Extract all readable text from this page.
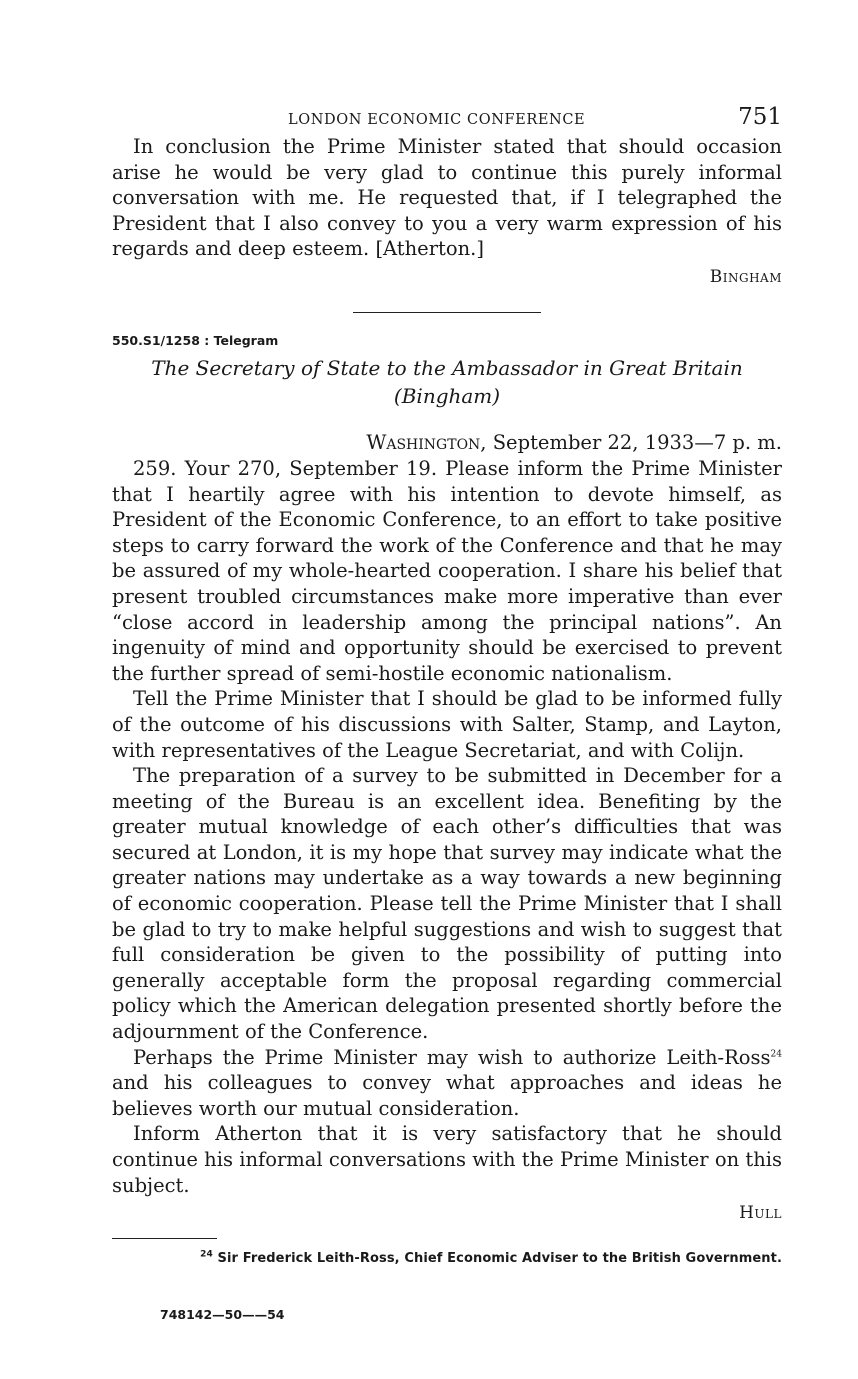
LONDON ECONOMIC CONFERENCE	751

In conclusion the Prime Minister stated that should occasion arise he would be very glad to continue this purely informal conversation with me. He requested that, if I telegraphed the President that I also convey to you a very warm expression of his regards and deep esteem. [Atherton.]

Bingham
550.S1/1258 : Telegram
The Secretary of State to the Ambassador in Great Britain (Bingham)
Washington, September 22, 1933—7 p. m.

259. Your 270, September 19. Please inform the Prime Minister that I heartily agree with his intention to devote himself, as President of the Economic Conference, to an effort to take positive steps to carry forward the work of the Conference and that he may be assured of my whole-hearted cooperation. I share his belief that present troubled circumstances make more imperative than ever “close accord in leadership among the principal nations”. An ingenuity of mind and opportunity should be exercised to prevent the further spread of semi-hostile economic nationalism.

Tell the Prime Minister that I should be glad to be informed fully of the outcome of his discussions with Salter, Stamp, and Layton, with representatives of the League Secretariat, and with Colijn.

The preparation of a survey to be submitted in December for a meeting of the Bureau is an excellent idea. Benefiting by the greater mutual knowledge of each other’s difficulties that was secured at London, it is my hope that survey may indicate what the greater nations may undertake as a way towards a new beginning of economic cooperation. Please tell the Prime Minister that I shall be glad to try to make helpful suggestions and wish to suggest that full consideration be given to the possibility of putting into generally acceptable form the proposal regarding commercial policy which the American delegation presented shortly before the adjournment of the Conference.

Perhaps the Prime Minister may wish to authorize Leith-Ross$^{24}$ and his colleagues to convey what approaches and ideas he believes worth our mutual consideration.

Inform Atherton that it is very satisfactory that he should continue his informal conversations with the Prime Minister on this subject.

Hull
$^{24}$ Sir Frederick Leith-Ross, Chief Economic Adviser to the British Government.
748142—50——54
